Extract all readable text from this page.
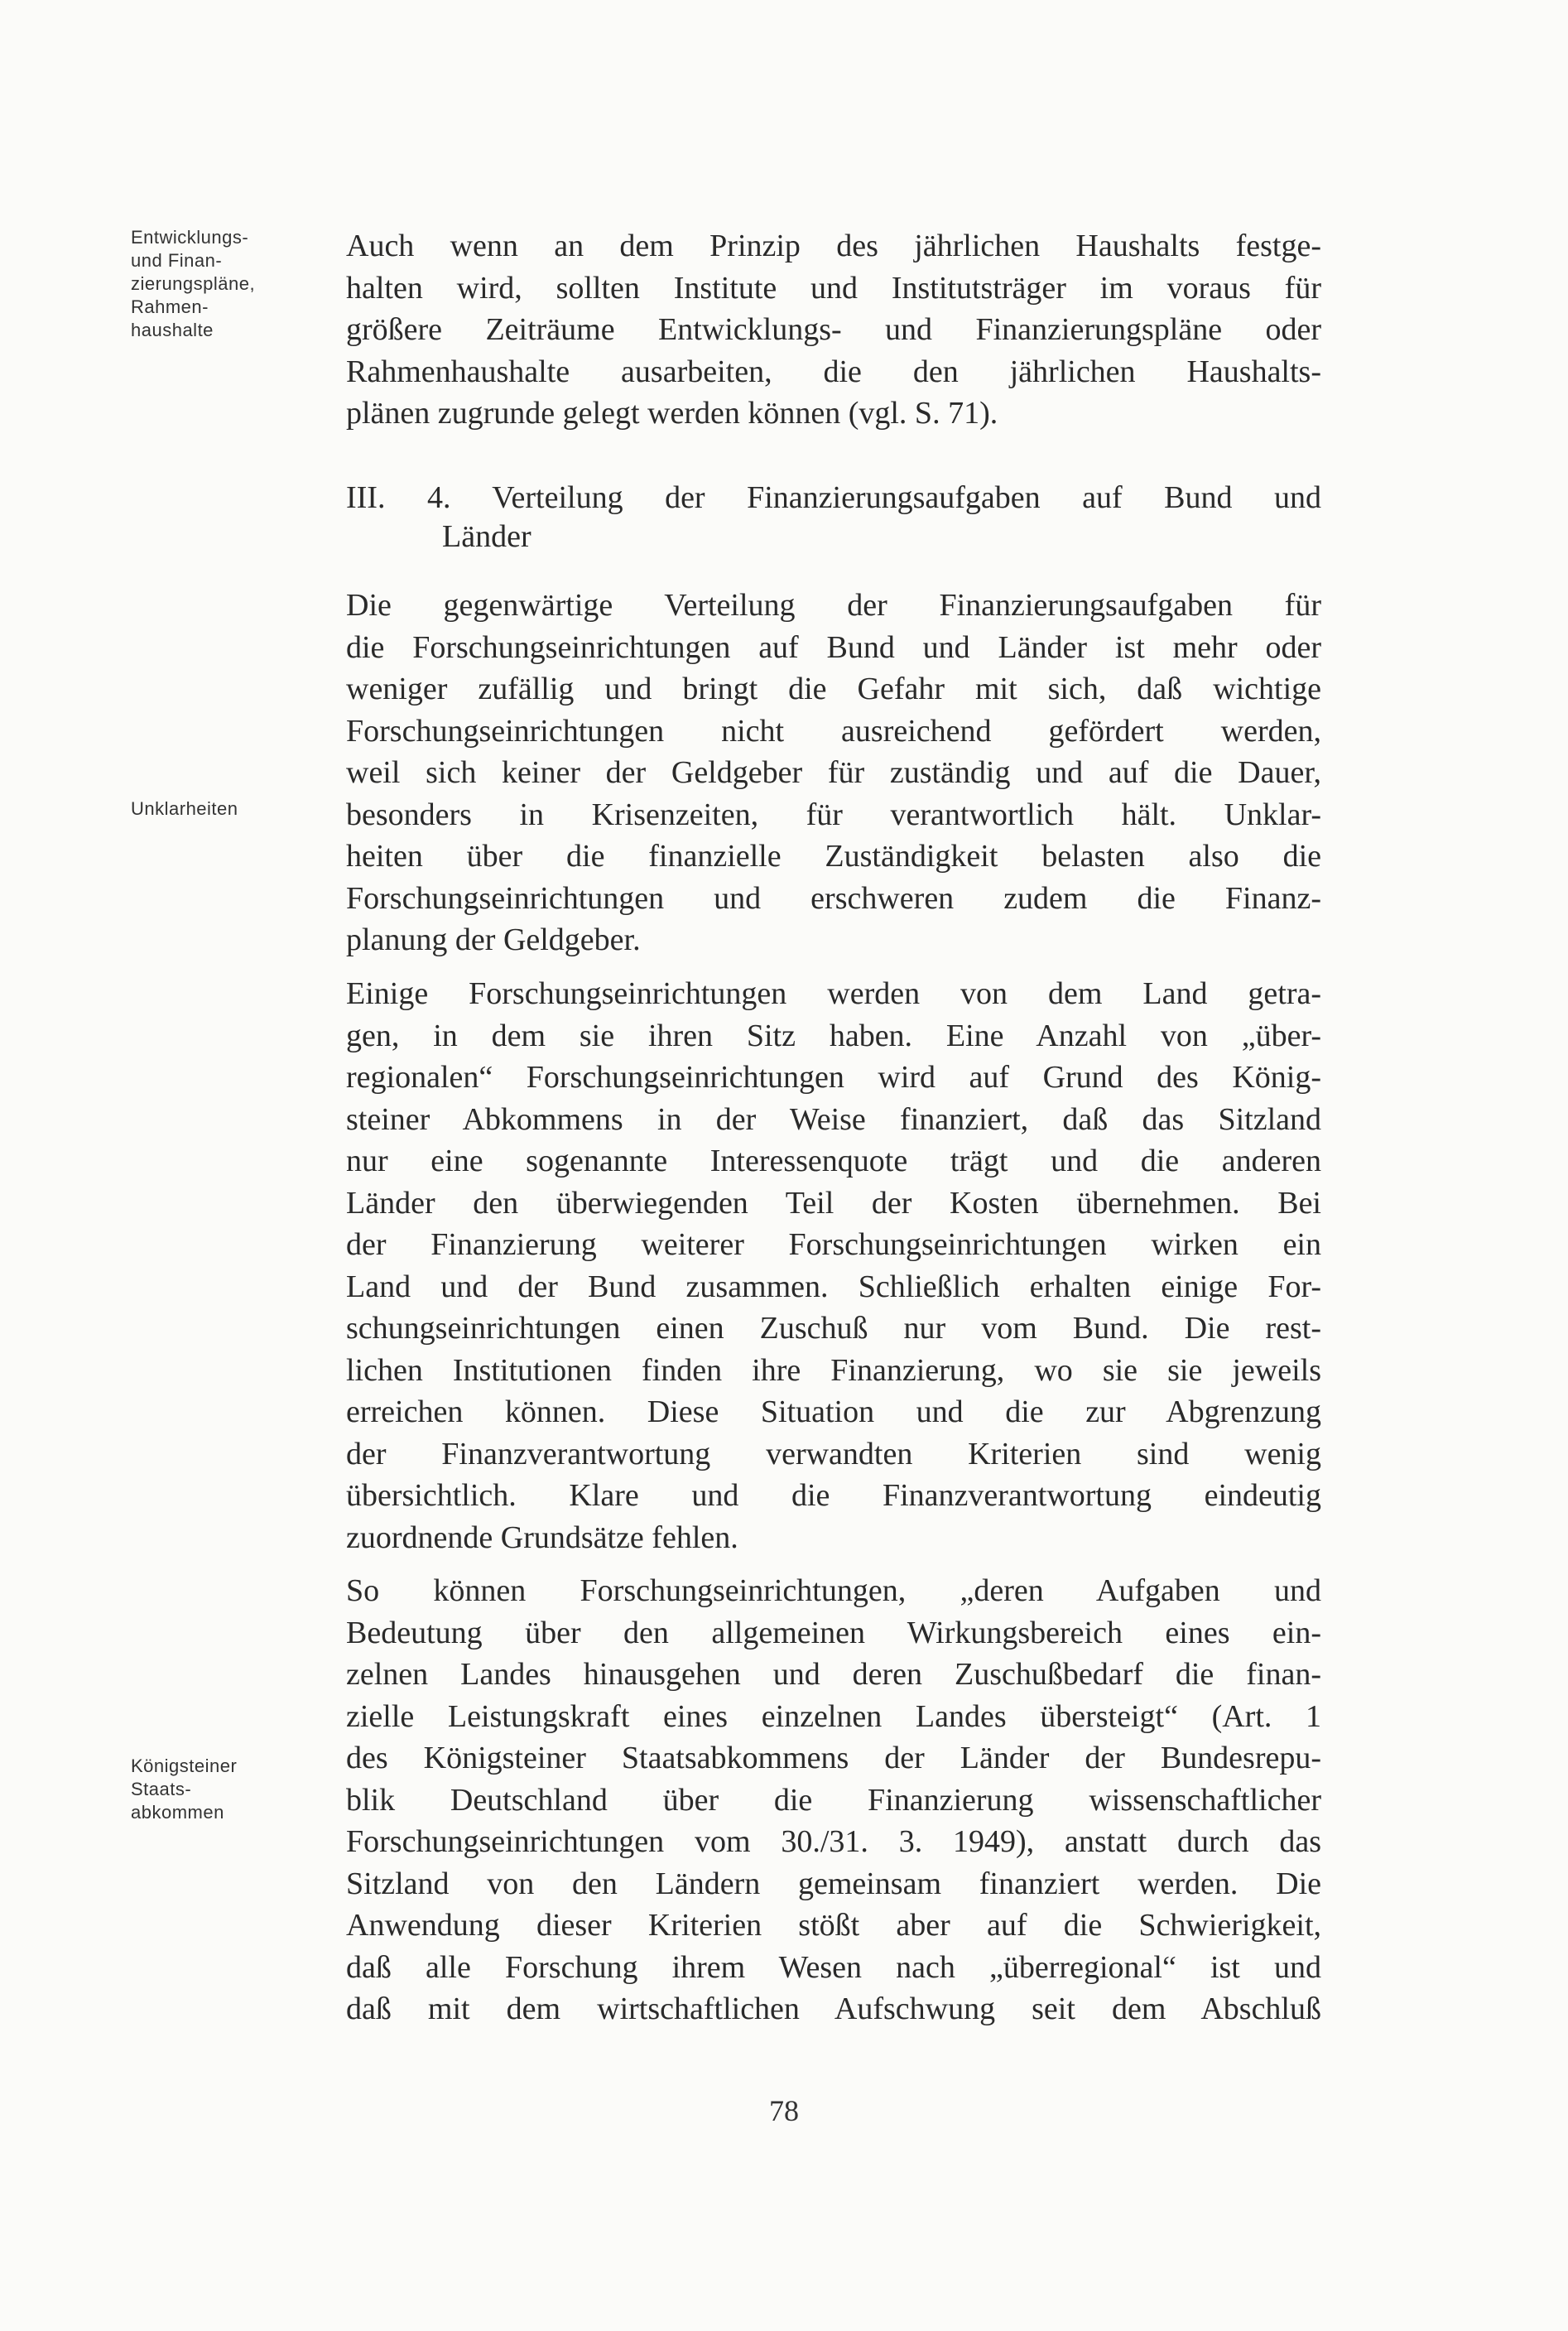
Entwicklungs-
und Finan-
zierungspläne,
Rahmen-
haushalte
Unklarheiten
Königsteiner
Staats-
abkommen
Auch wenn an dem Prinzip des jährlichen Haushalts festge-
halten wird, sollten Institute und Institutsträger im voraus für
größere Zeiträume Entwicklungs- und Finanzierungspläne oder
Rahmenhaushalte ausarbeiten, die den jährlichen Haushalts-
plänen zugrunde gelegt werden können (vgl. S. 71).
III. 4. Verteilung der Finanzierungsaufgaben auf Bund und
Länder
Die gegenwärtige Verteilung der Finanzierungsaufgaben für
die Forschungseinrichtungen auf Bund und Länder ist mehr oder
weniger zufällig und bringt die Gefahr mit sich, daß wichtige
Forschungseinrichtungen nicht ausreichend gefördert werden,
weil sich keiner der Geldgeber für zuständig und auf die Dauer,
besonders in Krisenzeiten, für verantwortlich hält. Unklar-
heiten über die finanzielle Zuständigkeit belasten also die
Forschungseinrichtungen und erschweren zudem die Finanz-
planung der Geldgeber.
Einige Forschungseinrichtungen werden von dem Land getra-
gen, in dem sie ihren Sitz haben. Eine Anzahl von „über-
regionalen“ Forschungseinrichtungen wird auf Grund des König-
steiner Abkommens in der Weise finanziert, daß das Sitzland
nur eine sogenannte Interessenquote trägt und die anderen
Länder den überwiegenden Teil der Kosten übernehmen. Bei
der Finanzierung weiterer Forschungseinrichtungen wirken ein
Land und der Bund zusammen. Schließlich erhalten einige For-
schungseinrichtungen einen Zuschuß nur vom Bund. Die rest-
lichen Institutionen finden ihre Finanzierung, wo sie sie jeweils
erreichen können. Diese Situation und die zur Abgrenzung
der Finanzverantwortung verwandten Kriterien sind wenig
übersichtlich. Klare und die Finanzverantwortung eindeutig
zuordnende Grundsätze fehlen.
So können Forschungseinrichtungen, „deren Aufgaben und
Bedeutung über den allgemeinen Wirkungsbereich eines ein-
zelnen Landes hinausgehen und deren Zuschußbedarf die finan-
zielle Leistungskraft eines einzelnen Landes übersteigt“ (Art. 1
des Königsteiner Staatsabkommens der Länder der Bundesrepu-
blik Deutschland über die Finanzierung wissenschaftlicher
Forschungseinrichtungen vom 30./31. 3. 1949), anstatt durch das
Sitzland von den Ländern gemeinsam finanziert werden. Die
Anwendung dieser Kriterien stößt aber auf die Schwierigkeit,
daß alle Forschung ihrem Wesen nach „überregional“ ist und
daß mit dem wirtschaftlichen Aufschwung seit dem Abschluß
78
